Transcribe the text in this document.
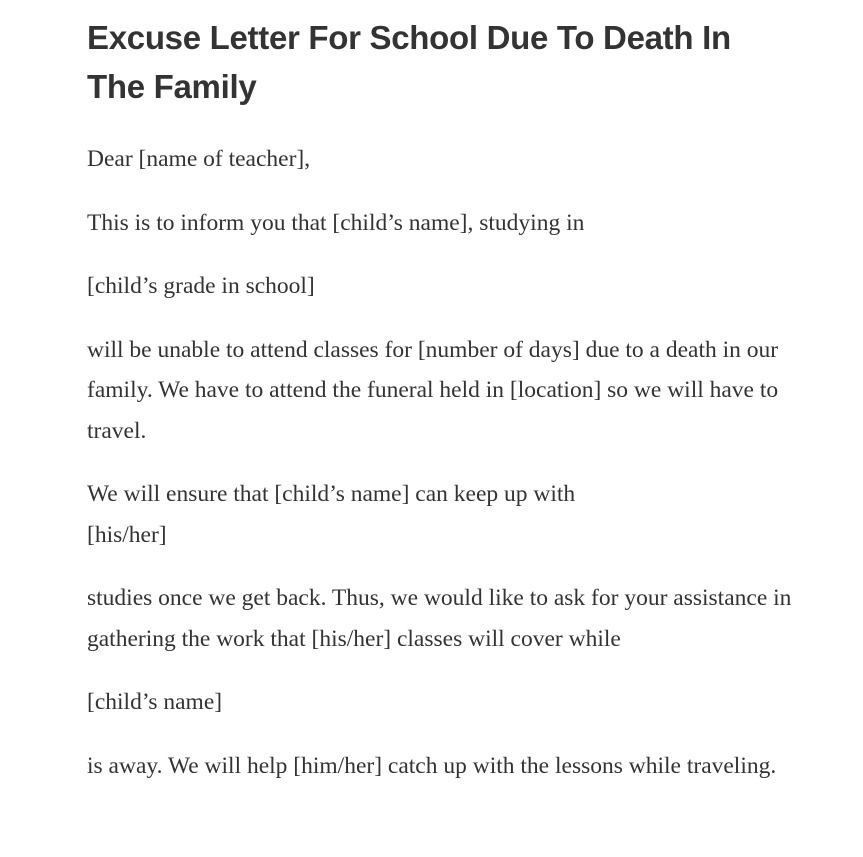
Excuse Letter For School Due To Death In The Family

Dear [name of teacher],

This is to inform you that [child’s name], studying in

[child’s grade in school]

will be unable to attend classes for [number of days] due to a death in our family. We have to attend the funeral held in [location] so we will have to travel.

We will ensure that [child’s name] can keep up with

[his/her]

studies once we get back. Thus, we would like to ask for your assistance in gathering the work that [his/her] classes will cover while

[child’s name]

is away. We will help [him/her] catch up with the lessons while traveling.
